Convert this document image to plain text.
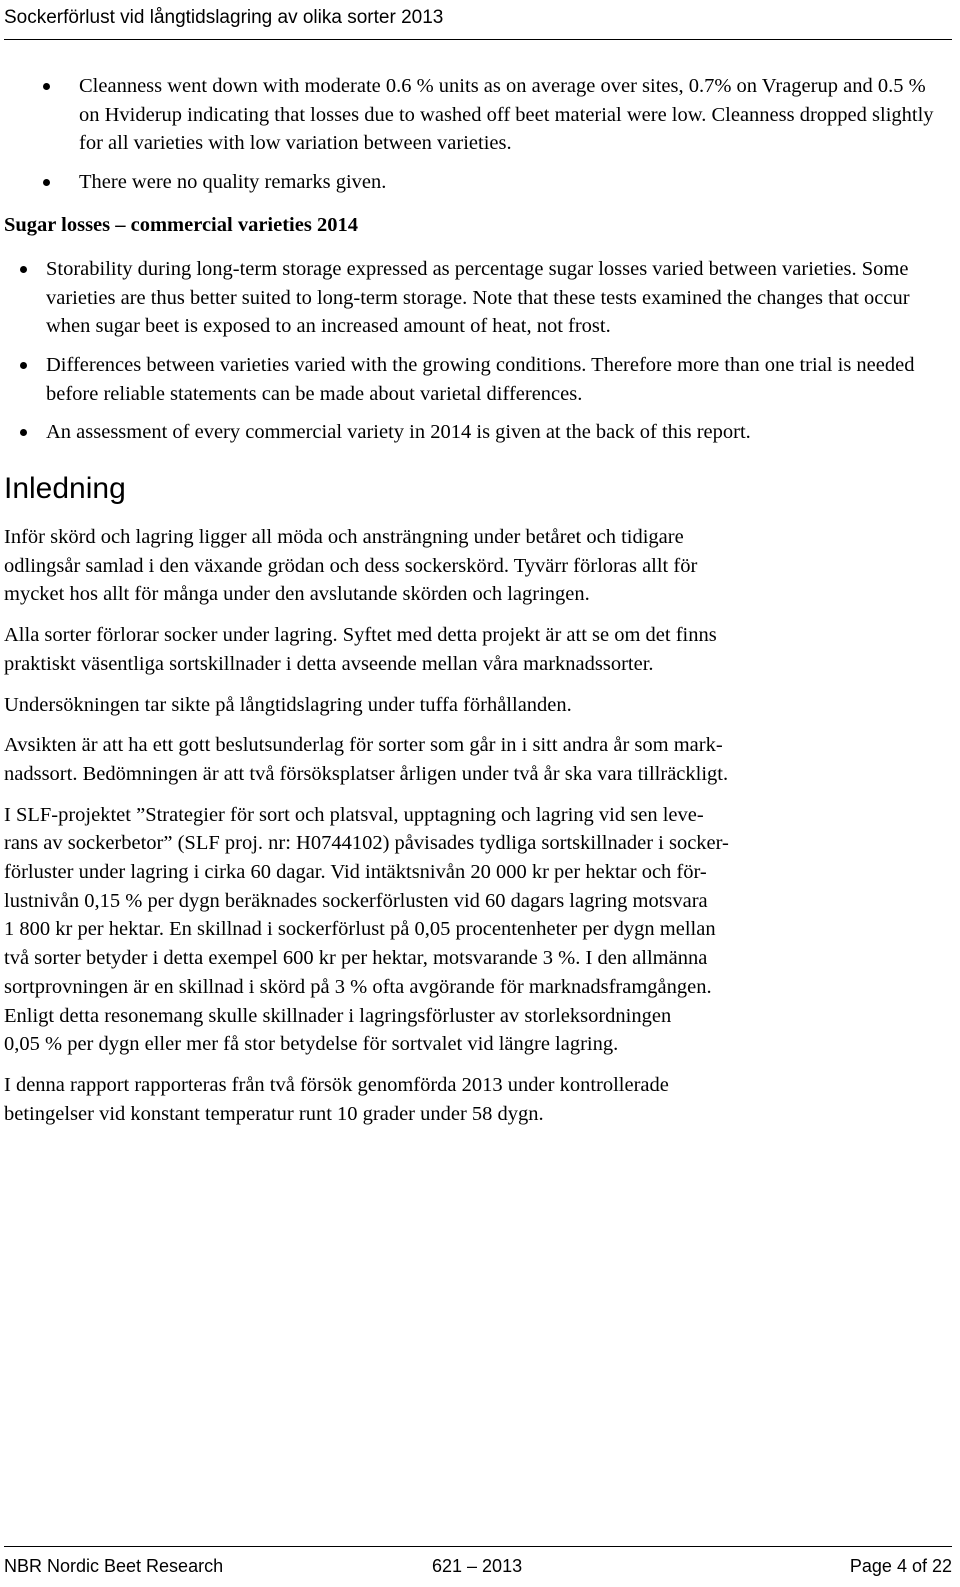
Sockerförlust vid långtidslagring av olika sorter 2013
Cleanness went down with moderate 0.6 % units as on average over sites, 0.7% on Vragerup and 0.5 % on Hviderup indicating that losses due to washed off beet material were low. Cleanness dropped slightly for all varieties with low variation between varieties.
There were no quality remarks given.
Sugar losses – commercial varieties 2014
Storability during long-term storage expressed as percentage sugar losses varied between varieties. Some varieties are thus better suited to long-term storage. Note that these tests examined the changes that occur when sugar beet is exposed to an increased amount of heat, not frost.
Differences between varieties varied with the growing conditions. Therefore more than one trial is needed before reliable statements can be made about varietal differences.
An assessment of every commercial variety in 2014 is given at the back of this report.
Inledning

Inför skörd och lagring ligger all möda och ansträngning under betåret och tidigare
odlingsår samlad i den växande grödan och dess sockerskörd. Tyvärr förloras allt för
mycket hos allt för många under den avslutande skörden och lagringen.

Alla sorter förlorar socker under lagring. Syftet med detta projekt är att se om det finns
praktiskt väsentliga sortskillnader i detta avseende mellan våra marknadssorter.

Undersökningen tar sikte på långtidslagring under tuffa förhållanden.

Avsikten är att ha ett gott beslutsunderlag för sorter som går in i sitt andra år som mark-
nadssort. Bedömningen är att två försöksplatser årligen under två år ska vara tillräckligt.

I SLF-projektet ”Strategier för sort och platsval, upptagning och lagring vid sen leve-
rans av sockerbetor” (SLF proj. nr: H0744102) påvisades tydliga sortskillnader i socker-
förluster under lagring i cirka 60 dagar. Vid intäktsnivån 20 000 kr per hektar och för-
lustnivån 0,15 % per dygn beräknades sockerförlusten vid 60 dagars lagring motsvara
1 800 kr per hektar. En skillnad i sockerförlust på 0,05 procentenheter per dygn mellan
två sorter betyder i detta exempel 600 kr per hektar, motsvarande 3 %. I den allmänna
sortprovningen är en skillnad i skörd på 3 % ofta avgörande för marknadsframgången.
Enligt detta resonemang skulle skillnader i lagringsförluster av storleksordningen
0,05 % per dygn eller mer få stor betydelse för sortvalet vid längre lagring.

I denna rapport rapporteras från två försök genomförda 2013 under kontrollerade
betingelser vid konstant temperatur runt 10 grader under 58 dygn.

NBR Nordic Beet Research	621 – 2013	Page 4 of 22
